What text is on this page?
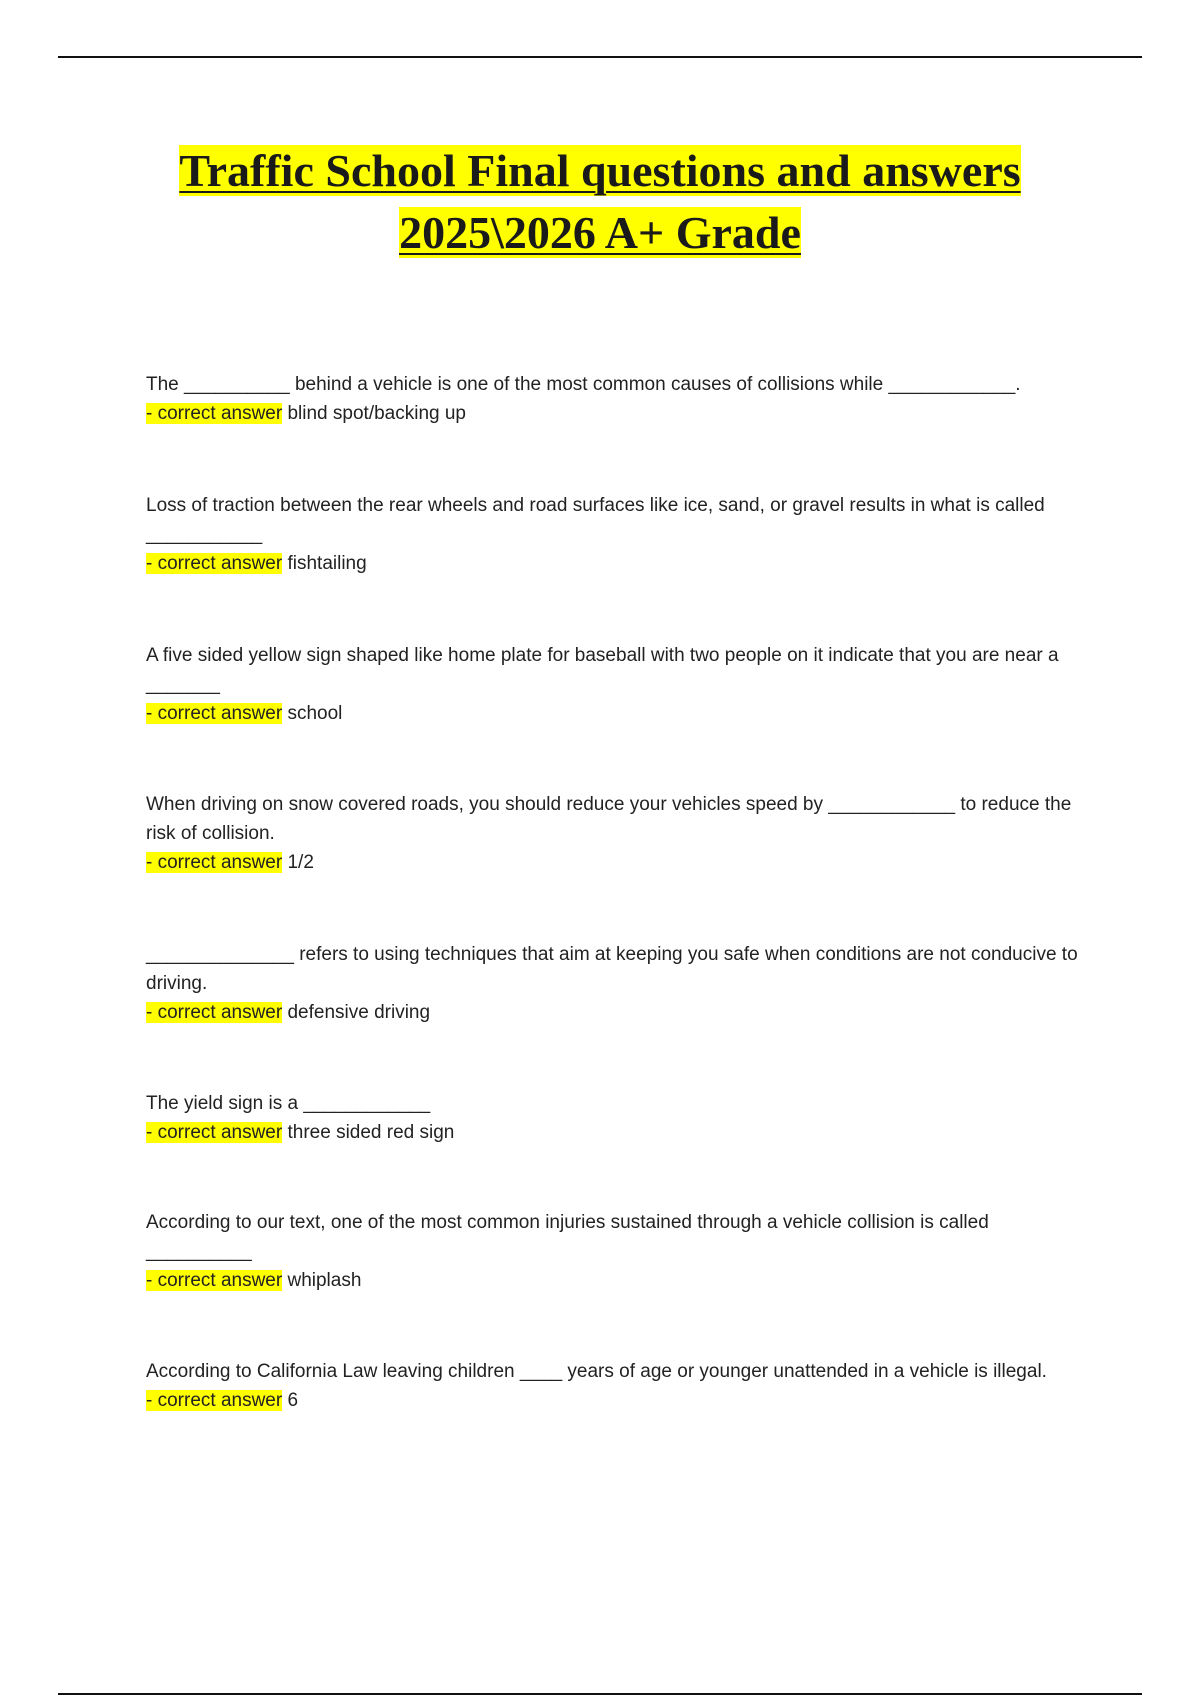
Traffic School Final questions and answers
2025\2026 A+ Grade

The __________ behind a vehicle is one of the most common causes of collisions while ____________.

- correct answer blind spot/backing up

Loss of traction between the rear wheels and road surfaces like ice, sand, or gravel results in what is called ___________

- correct answer fishtailing

A five sided yellow sign shaped like home plate for baseball with two people on it indicate that you are near a _______

- correct answer school

When driving on snow covered roads, you should reduce your vehicles speed by ____________ to reduce the risk of collision.

- correct answer 1/2

______________ refers to using techniques that aim at keeping you safe when conditions are not conducive to driving.

- correct answer defensive driving

The yield sign is a ____________

- correct answer three sided red sign

According to our text, one of the most common injuries sustained through a vehicle collision is called __________

- correct answer whiplash

According to California Law leaving children ____ years of age or younger unattended in a vehicle is illegal.

- correct answer 6
